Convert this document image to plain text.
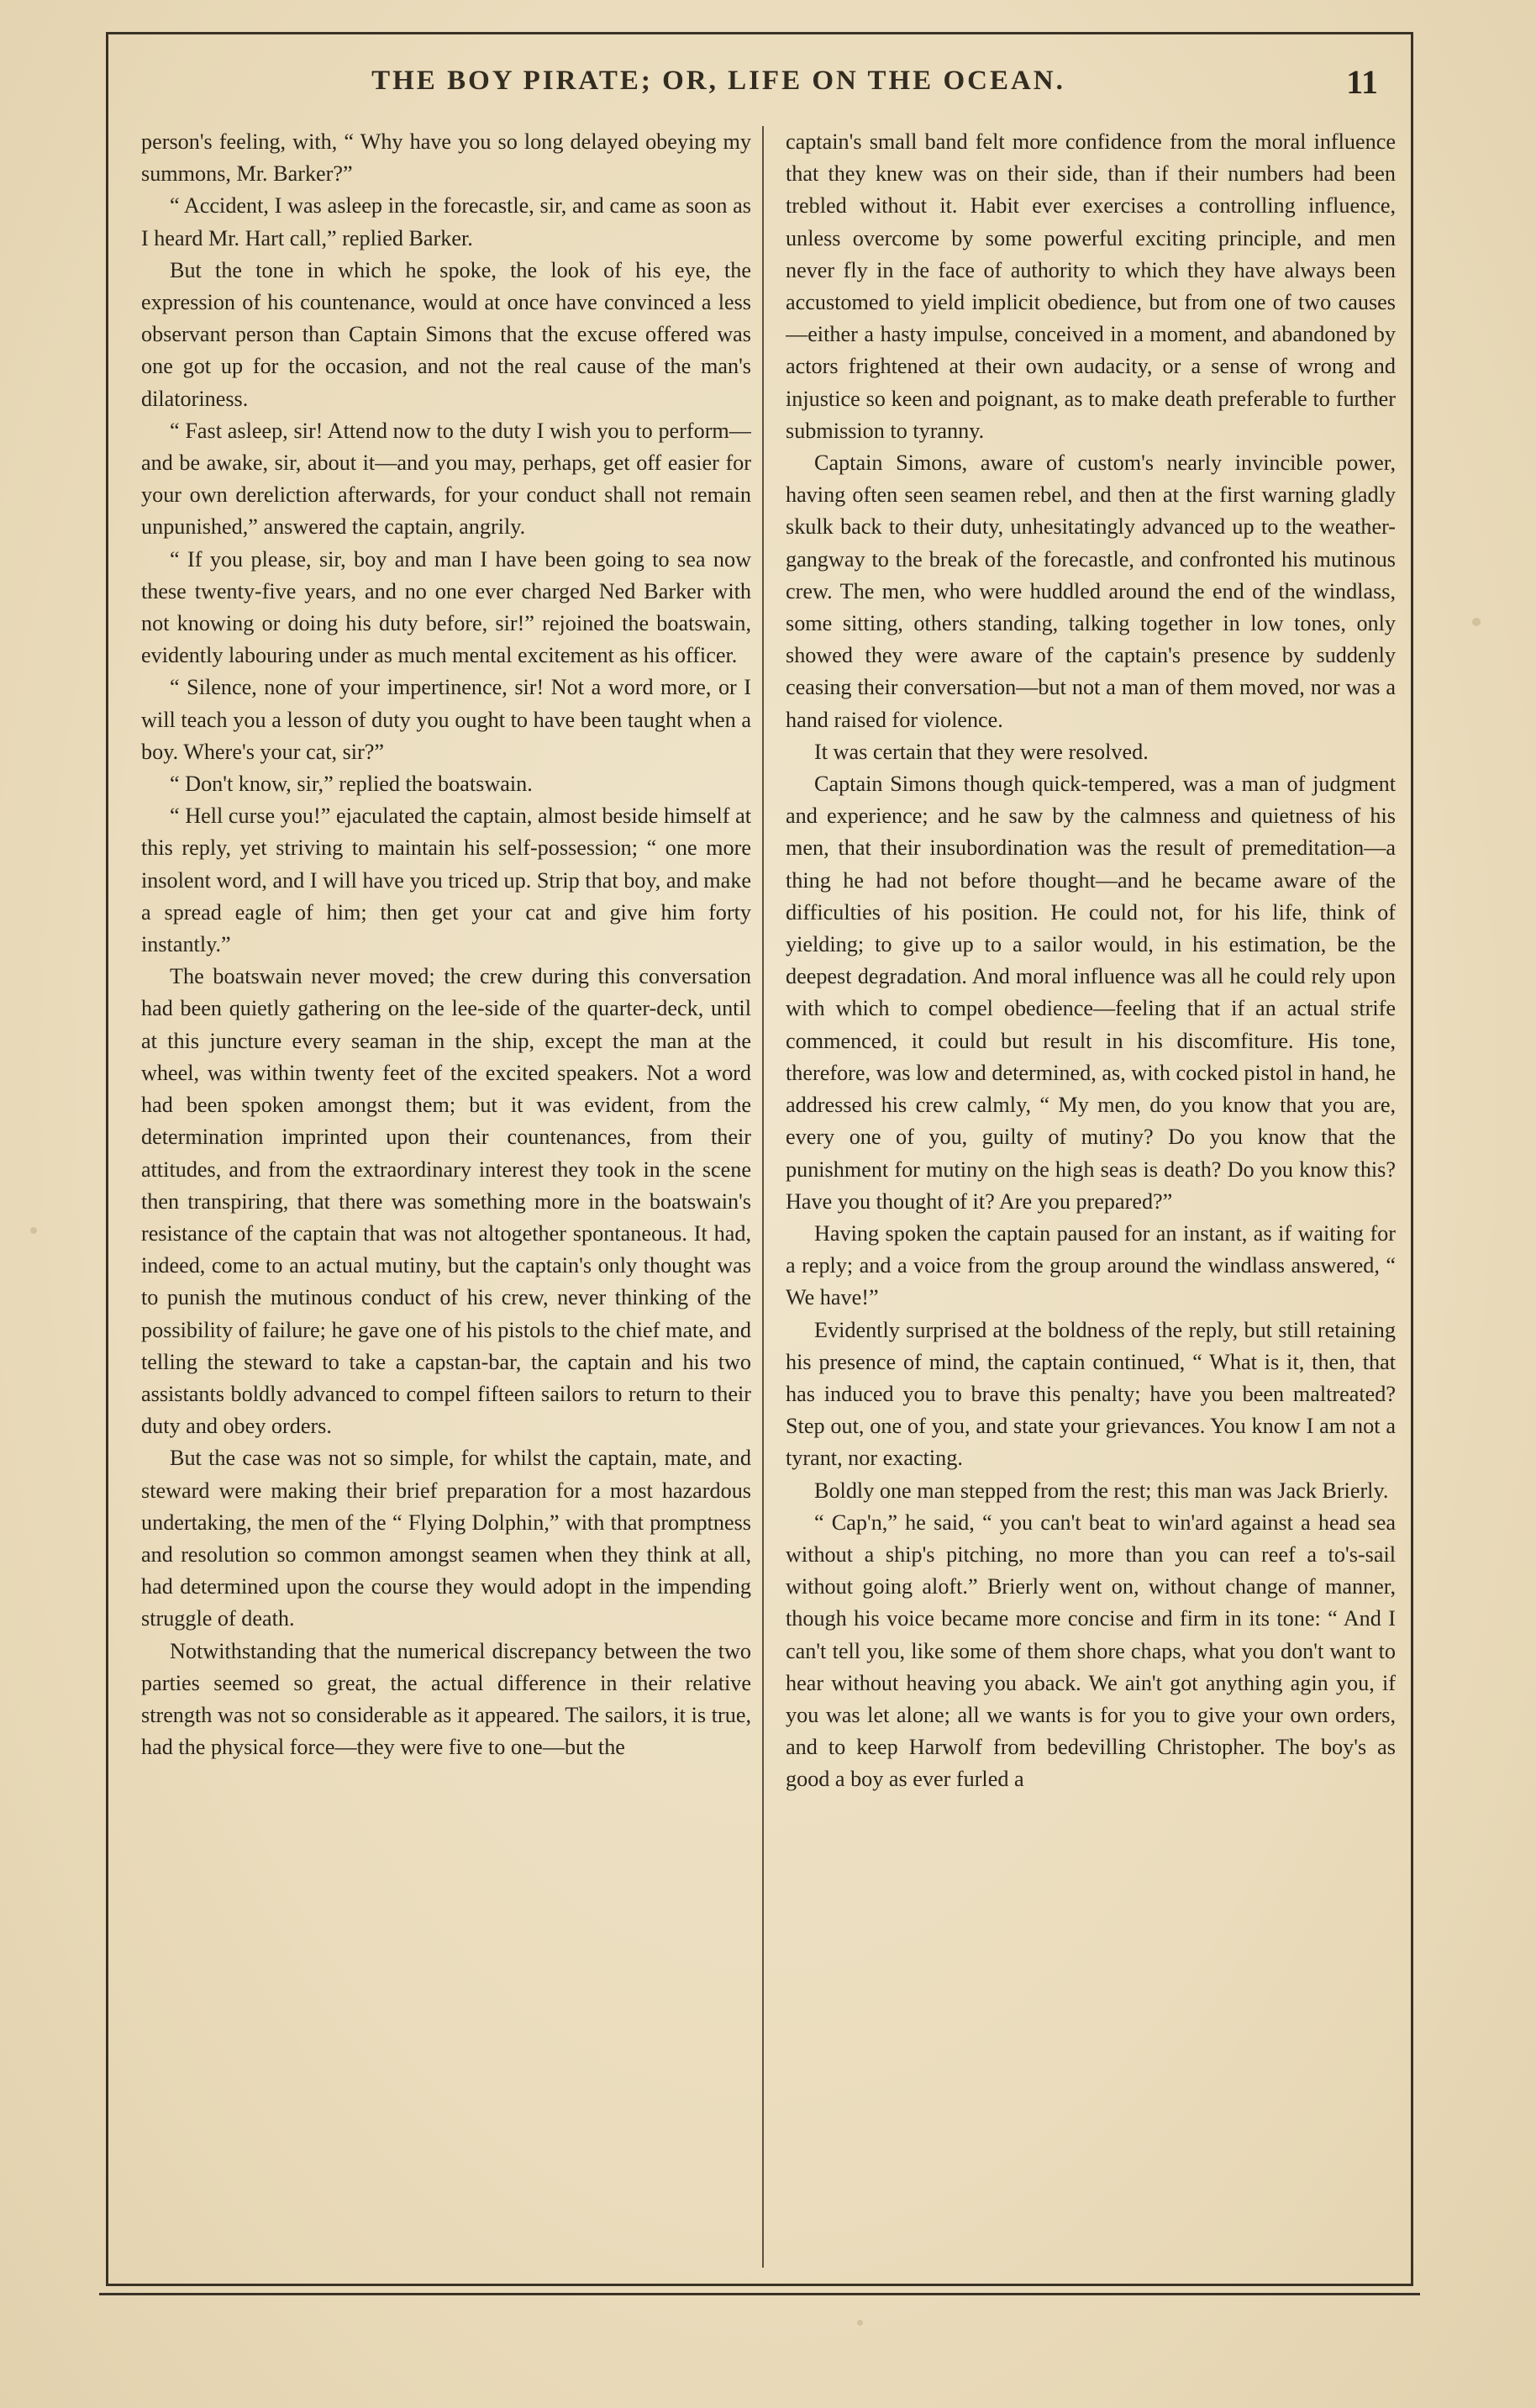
THE BOY PIRATE; OR, LIFE ON THE OCEAN.	11

person's feeling, with, “ Why have you so long delayed obeying my summons, Mr. Barker?”

“ Accident, I was asleep in the forecastle, sir, and came as soon as I heard Mr. Hart call,” replied Barker.

But the tone in which he spoke, the look of his eye, the expression of his countenance, would at once have convinced a less observant person than Captain Simons that the excuse offered was one got up for the occasion, and not the real cause of the man's dilatoriness.

“ Fast asleep, sir! Attend now to the duty I wish you to perform—and be awake, sir, about it—and you may, perhaps, get off easier for your own dereliction afterwards, for your conduct shall not remain unpunished,” answered the captain, angrily.

“ If you please, sir, boy and man I have been going to sea now these twenty-five years, and no one ever charged Ned Barker with not knowing or doing his duty before, sir!” rejoined the boatswain, evidently labouring under as much mental excitement as his officer.

“ Silence, none of your impertinence, sir! Not a word more, or I will teach you a lesson of duty you ought to have been taught when a boy. Where's your cat, sir?”

“ Don't know, sir,” replied the boatswain.

“ Hell curse you!” ejaculated the captain, almost beside himself at this reply, yet striving to maintain his self-possession; “ one more insolent word, and I will have you triced up. Strip that boy, and make a spread eagle of him; then get your cat and give him forty instantly.”

The boatswain never moved; the crew during this conversation had been quietly gathering on the lee-side of the quarter-deck, until at this juncture every seaman in the ship, except the man at the wheel, was within twenty feet of the excited speakers. Not a word had been spoken amongst them; but it was evident, from the determination imprinted upon their countenances, from their attitudes, and from the extraordinary interest they took in the scene then transpiring, that there was something more in the boatswain's resistance of the captain that was not altogether spontaneous. It had, indeed, come to an actual mutiny, but the captain's only thought was to punish the mutinous conduct of his crew, never thinking of the possibility of failure; he gave one of his pistols to the chief mate, and telling the steward to take a capstan-bar, the captain and his two assistants boldly advanced to compel fifteen sailors to return to their duty and obey orders.

But the case was not so simple, for whilst the captain, mate, and steward were making their brief preparation for a most hazardous undertaking, the men of the “ Flying Dolphin,” with that promptness and resolution so common amongst seamen when they think at all, had determined upon the course they would adopt in the impending struggle of death.

Notwithstanding that the numerical discrepancy between the two parties seemed so great, the actual difference in their relative strength was not so considerable as it appeared. The sailors, it is true, had the physical force—they were five to one—but the

captain's small band felt more confidence from the moral influence that they knew was on their side, than if their numbers had been trebled without it. Habit ever exercises a controlling influence, unless overcome by some powerful exciting principle, and men never fly in the face of authority to which they have always been accustomed to yield implicit obedience, but from one of two causes—either a hasty impulse, conceived in a moment, and abandoned by actors frightened at their own audacity, or a sense of wrong and injustice so keen and poignant, as to make death preferable to further submission to tyranny.

Captain Simons, aware of custom's nearly invincible power, having often seen seamen rebel, and then at the first warning gladly skulk back to their duty, unhesitatingly advanced up to the weather-gangway to the break of the forecastle, and confronted his mutinous crew. The men, who were huddled around the end of the windlass, some sitting, others standing, talking together in low tones, only showed they were aware of the captain's presence by suddenly ceasing their conversation—but not a man of them moved, nor was a hand raised for violence.

It was certain that they were resolved.

Captain Simons though quick-tempered, was a man of judgment and experience; and he saw by the calmness and quietness of his men, that their insubordination was the result of premeditation—a thing he had not before thought—and he became aware of the difficulties of his position. He could not, for his life, think of yielding; to give up to a sailor would, in his estimation, be the deepest degradation. And moral influence was all he could rely upon with which to compel obedience—feeling that if an actual strife commenced, it could but result in his discomfiture. His tone, therefore, was low and determined, as, with cocked pistol in hand, he addressed his crew calmly, “ My men, do you know that you are, every one of you, guilty of mutiny? Do you know that the punishment for mutiny on the high seas is death? Do you know this? Have you thought of it? Are you prepared?”

Having spoken the captain paused for an instant, as if waiting for a reply; and a voice from the group around the windlass answered, “ We have!”

Evidently surprised at the boldness of the reply, but still retaining his presence of mind, the captain continued, “ What is it, then, that has induced you to brave this penalty; have you been maltreated? Step out, one of you, and state your grievances. You know I am not a tyrant, nor exacting.

Boldly one man stepped from the rest; this man was Jack Brierly.

“ Cap'n,” he said, “ you can't beat to win'ard against a head sea without a ship's pitching, no more than you can reef a to's-sail without going aloft.” Brierly went on, without change of manner, though his voice became more concise and firm in its tone: “ And I can't tell you, like some of them shore chaps, what you don't want to hear without heaving you aback. We ain't got anything agin you, if you was let alone; all we wants is for you to give your own orders, and to keep Harwolf from bedevilling Christopher. The boy's as good a boy as ever furled a
